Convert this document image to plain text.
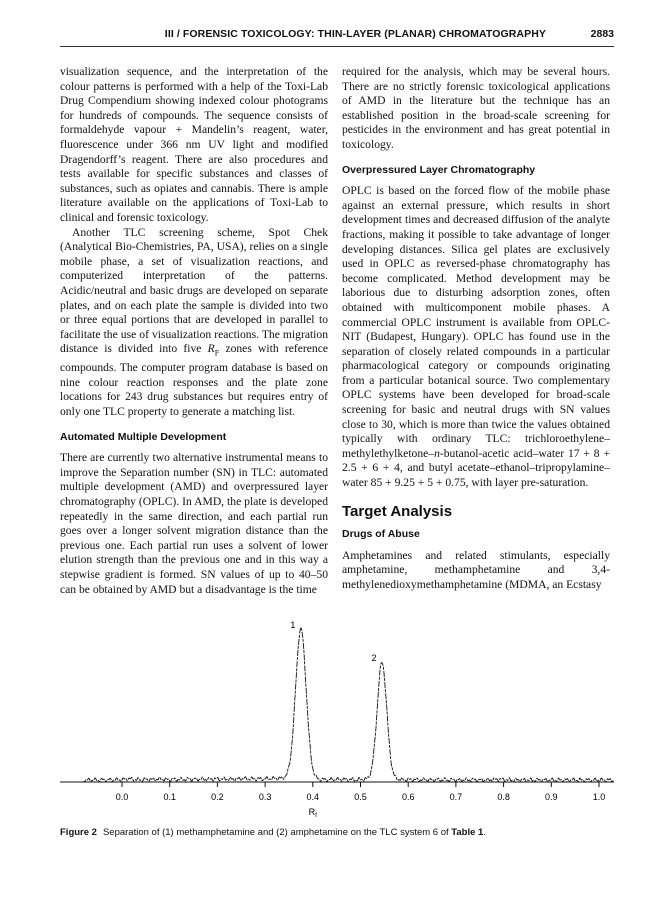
III / FORENSIC TOXICOLOGY: THIN-LAYER (PLANAR) CHROMATOGRAPHY	2883

visualization sequence, and the interpretation of the colour patterns is performed with a help of the Toxi-Lab Drug Compendium showing indexed colour photograms for hundreds of compounds. The sequence consists of formaldehyde vapour + Mandelin’s reagent, water, fluorescence under 366 nm UV light and modified Dragendorff’s reagent. There are also procedures and tests available for specific substances and classes of substances, such as opiates and cannabis. There is ample literature available on the applications of Toxi-Lab to clinical and forensic toxicology.

Another TLC screening scheme, Spot Chek (Analytical Bio-Chemistries, PA, USA), relies on a single mobile phase, a set of visualization reactions, and computerized interpretation of the patterns. Acidic/neutral and basic drugs are developed on separate plates, and on each plate the sample is divided into two or three equal portions that are developed in parallel to facilitate the use of visualization reactions. The migration distance is divided into five $R_F$ zones with reference compounds. The computer program database is based on nine colour reaction responses and the plate zone locations for 243 drug substances but requires entry of only one TLC property to generate a matching list.

Automated Multiple Development

There are currently two alternative instrumental means to improve the Separation number (SN) in TLC: automated multiple development (AMD) and overpressured layer chromatography (OPLC). In AMD, the plate is developed repeatedly in the same direction, and each partial run goes over a longer solvent migration distance than the previous one. Each partial run uses a solvent of lower elution strength than the previous one and in this way a stepwise gradient is formed. SN values of up to 40–50 can be obtained by AMD but a disadvantage is the time

required for the analysis, which may be several hours. There are no strictly forensic toxicological applications of AMD in the literature but the technique has an established position in the broad-scale screening for pesticides in the environment and has great potential in toxicology.

Overpressured Layer Chromatography

OPLC is based on the forced flow of the mobile phase against an external pressure, which results in short development times and decreased diffusion of the analyte fractions, making it possible to take advantage of longer developing distances. Silica gel plates are exclusively used in OPLC as reversed-phase chromatography has become complicated. Method development may be laborious due to disturbing adsorption zones, often obtained with multicomponent mobile phases. A commercial OPLC instrument is available from OPLC-NIT (Budapest, Hungary). OPLC has found use in the separation of closely related compounds in a particular pharmacological category or compounds originating from a particular botanical source. Two complementary OPLC systems have been developed for broad-scale screening for basic and neutral drugs with SN values close to 30, which is more than twice the values obtained typically with ordinary TLC: trichloroethylene–methylethylketone–n-butanol-acetic acid–water 17 + 8 + 2.5 + 6 + 4, and butyl acetate–ethanol–tripropylamine–water 85 + 9.25 + 5 + 0.75, with layer pre-saturation.

Target Analysis
Drugs of Abuse

Amphetamines and related stimulants, especially amphetamine, methamphetamine and 3,4-methylenedioxymethamphetamine (MDMA, an Ecstasy

0.0	0.1	0.2	0.3	0.4	0.5	0.6	0.7	0.8	0.9	1.0
1
2
$R_f$
Figure 2 Separation of (1) methamphetamine and (2) amphetamine on the TLC system 6 of Table 1.
